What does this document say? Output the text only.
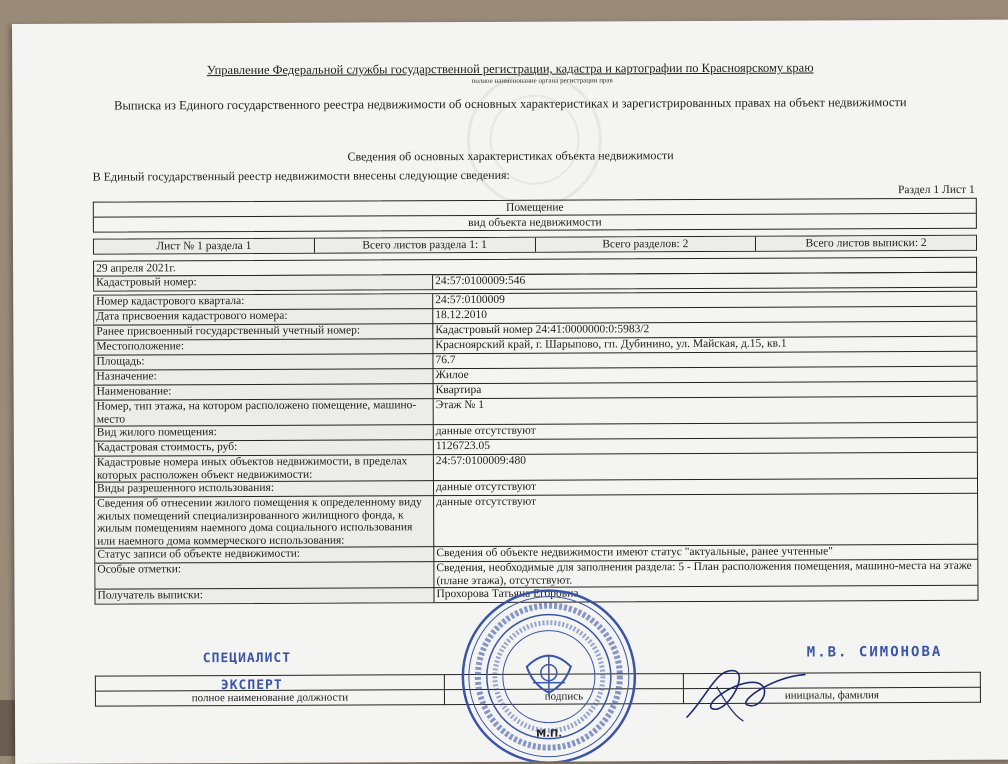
Управление Федеральной службы государственной регистрации, кадастра и картографии по Красноярскому краю
полное наименование органа регистрации прав
Выписка из Единого государственного реестра недвижимости об основных характеристиках и зарегистрированных правах на объект недвижимости
Сведения об основных характеристиках объекта недвижимости
В Единый государственный реестр недвижимости внесены следующие сведения:
Раздел 1 Лист 1
Помещение
вид объекта недвижимости
Лист № 1 раздела 1	Всего листов раздела 1: 1	Всего разделов: 2	Всего листов выписки: 2
29 апреля 2021г.
Кадастровый номер:	24:57:0100009:546
Номер кадастрового квартала:	24:57:0100009
Дата присвоения кадастрового номера:	18.12.2010
Ранее присвоенный государственный учетный номер:	Кадастровый номер 24:41:0000000:0:5983/2
Местоположение:	Красноярский край, г. Шарыпово, гп. Дубинино, ул. Майская, д.15, кв.1
Площадь:	76.7
Назначение:	Жилое
Наименование:	Квартира
Номер, тип этажа, на котором расположено помещение, машино-место	Этаж № 1
Вид жилого помещения:	данные отсутствуют
Кадастровая стоимость, руб:	1126723.05
Кадастровые номера иных объектов недвижимости, в пределах которых расположен объект недвижимости:	24:57:0100009:480
Виды разрешенного использования:	данные отсутствуют
Сведения об отнесении жилого помещения к определенному виду жилых помещений специализированного жилищного фонда, к жилым помещениям наемного дома социального использования или наемного дома коммерческого использования:	данные отсутствуют
Статус записи об объекте недвижимости:	Сведения об объекте недвижимости имеют статус "актуальные, ранее учтенные"
Особые отметки:	Сведения, необходимые для заполнения раздела: 5 - План расположения помещения, машино-места на этаже (плане этажа), отсутствуют.
Получатель выписки:	Прохорова Татьяна Егоровна
СПЕЦИАЛИСТ
ЭКСПЕРТ
М.В. СИМОНОВА

полное наименование должности	подпись	инициалы, фамилия
М.П.
